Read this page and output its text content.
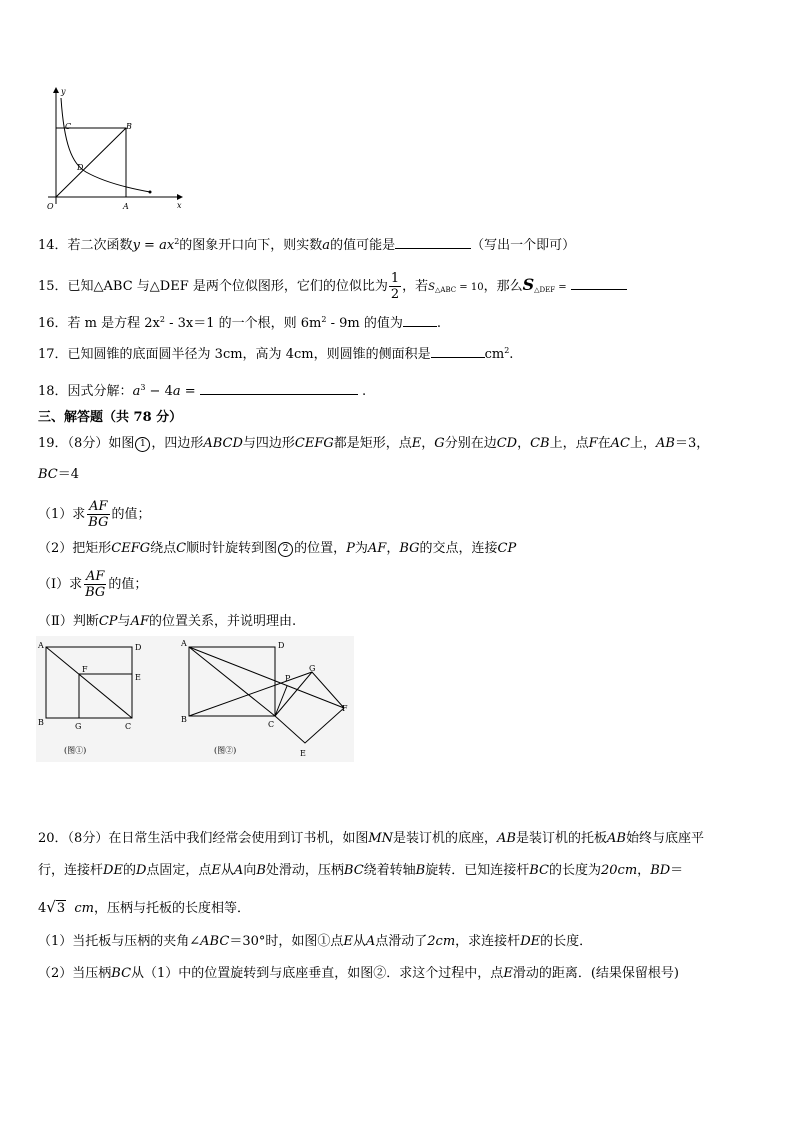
y
x
O	A
B
C
D
14．若二次函数$y = ax^2$的图象开口向下，则实数a的值可能是	（写出一个即可）
15．已知△ABC 与△DEF 是两个位似图形，它们的位似比为 $\frac{1}{2}$ ，若$S_{\triangle ABC} = 10$，那么$S_{\triangle DEF}$ =
16．若 m 是方程 $2x^2 - 3x=1$ 的一个根，则 $6m^2 - 9m$ 的值为	.
17．已知圆锥的底面圆半径为 3cm，高为 4cm，则圆锥的侧面积是	$cm^2$.
18．因式分解：$a^3 - 4a$ =	.
三、解答题（共 78 分）
19．（8分）如图 1 ，四边形ABCD与四边形CEFG都是矩形，点E，G分别在边CD，CB上，点F在AC上，AB＝3，
BC＝4
（1）求 $\frac{AF}{BG}$ 的值；
（2）把矩形CEFG绕点C顺时针旋转到图 2 的位置，P为AF，BG的交点，连接CP
（Ⅰ）求 $\frac{AF}{BG}$ 的值；
（Ⅱ）判断CP与AF的位置关系，并说明理由.
A	D
F
E
B	G	C
(图①)
A	D
P
G
F
B
C
E
(图②)
20．（8分）在日常生活中我们经常会使用到订书机，如图MN是装订机的底座，AB是装订机的托板AB始终与底座平
行，连接杆DE的D点固定，点E从A向B处滑动，压柄BC绕着转轴B旋转．已知连接杆BC的长度为20cm，BD＝
4√3 cm，压柄与托板的长度相等．
（1）当托板与压柄的夹角∠ABC＝30°时，如图①点E从A点滑动了2cm，求连接杆DE的长度．
（2）当压柄BC从（1）中的位置旋转到与底座垂直，如图②．求这个过程中，点E滑动的距离．(结果保留根号)
